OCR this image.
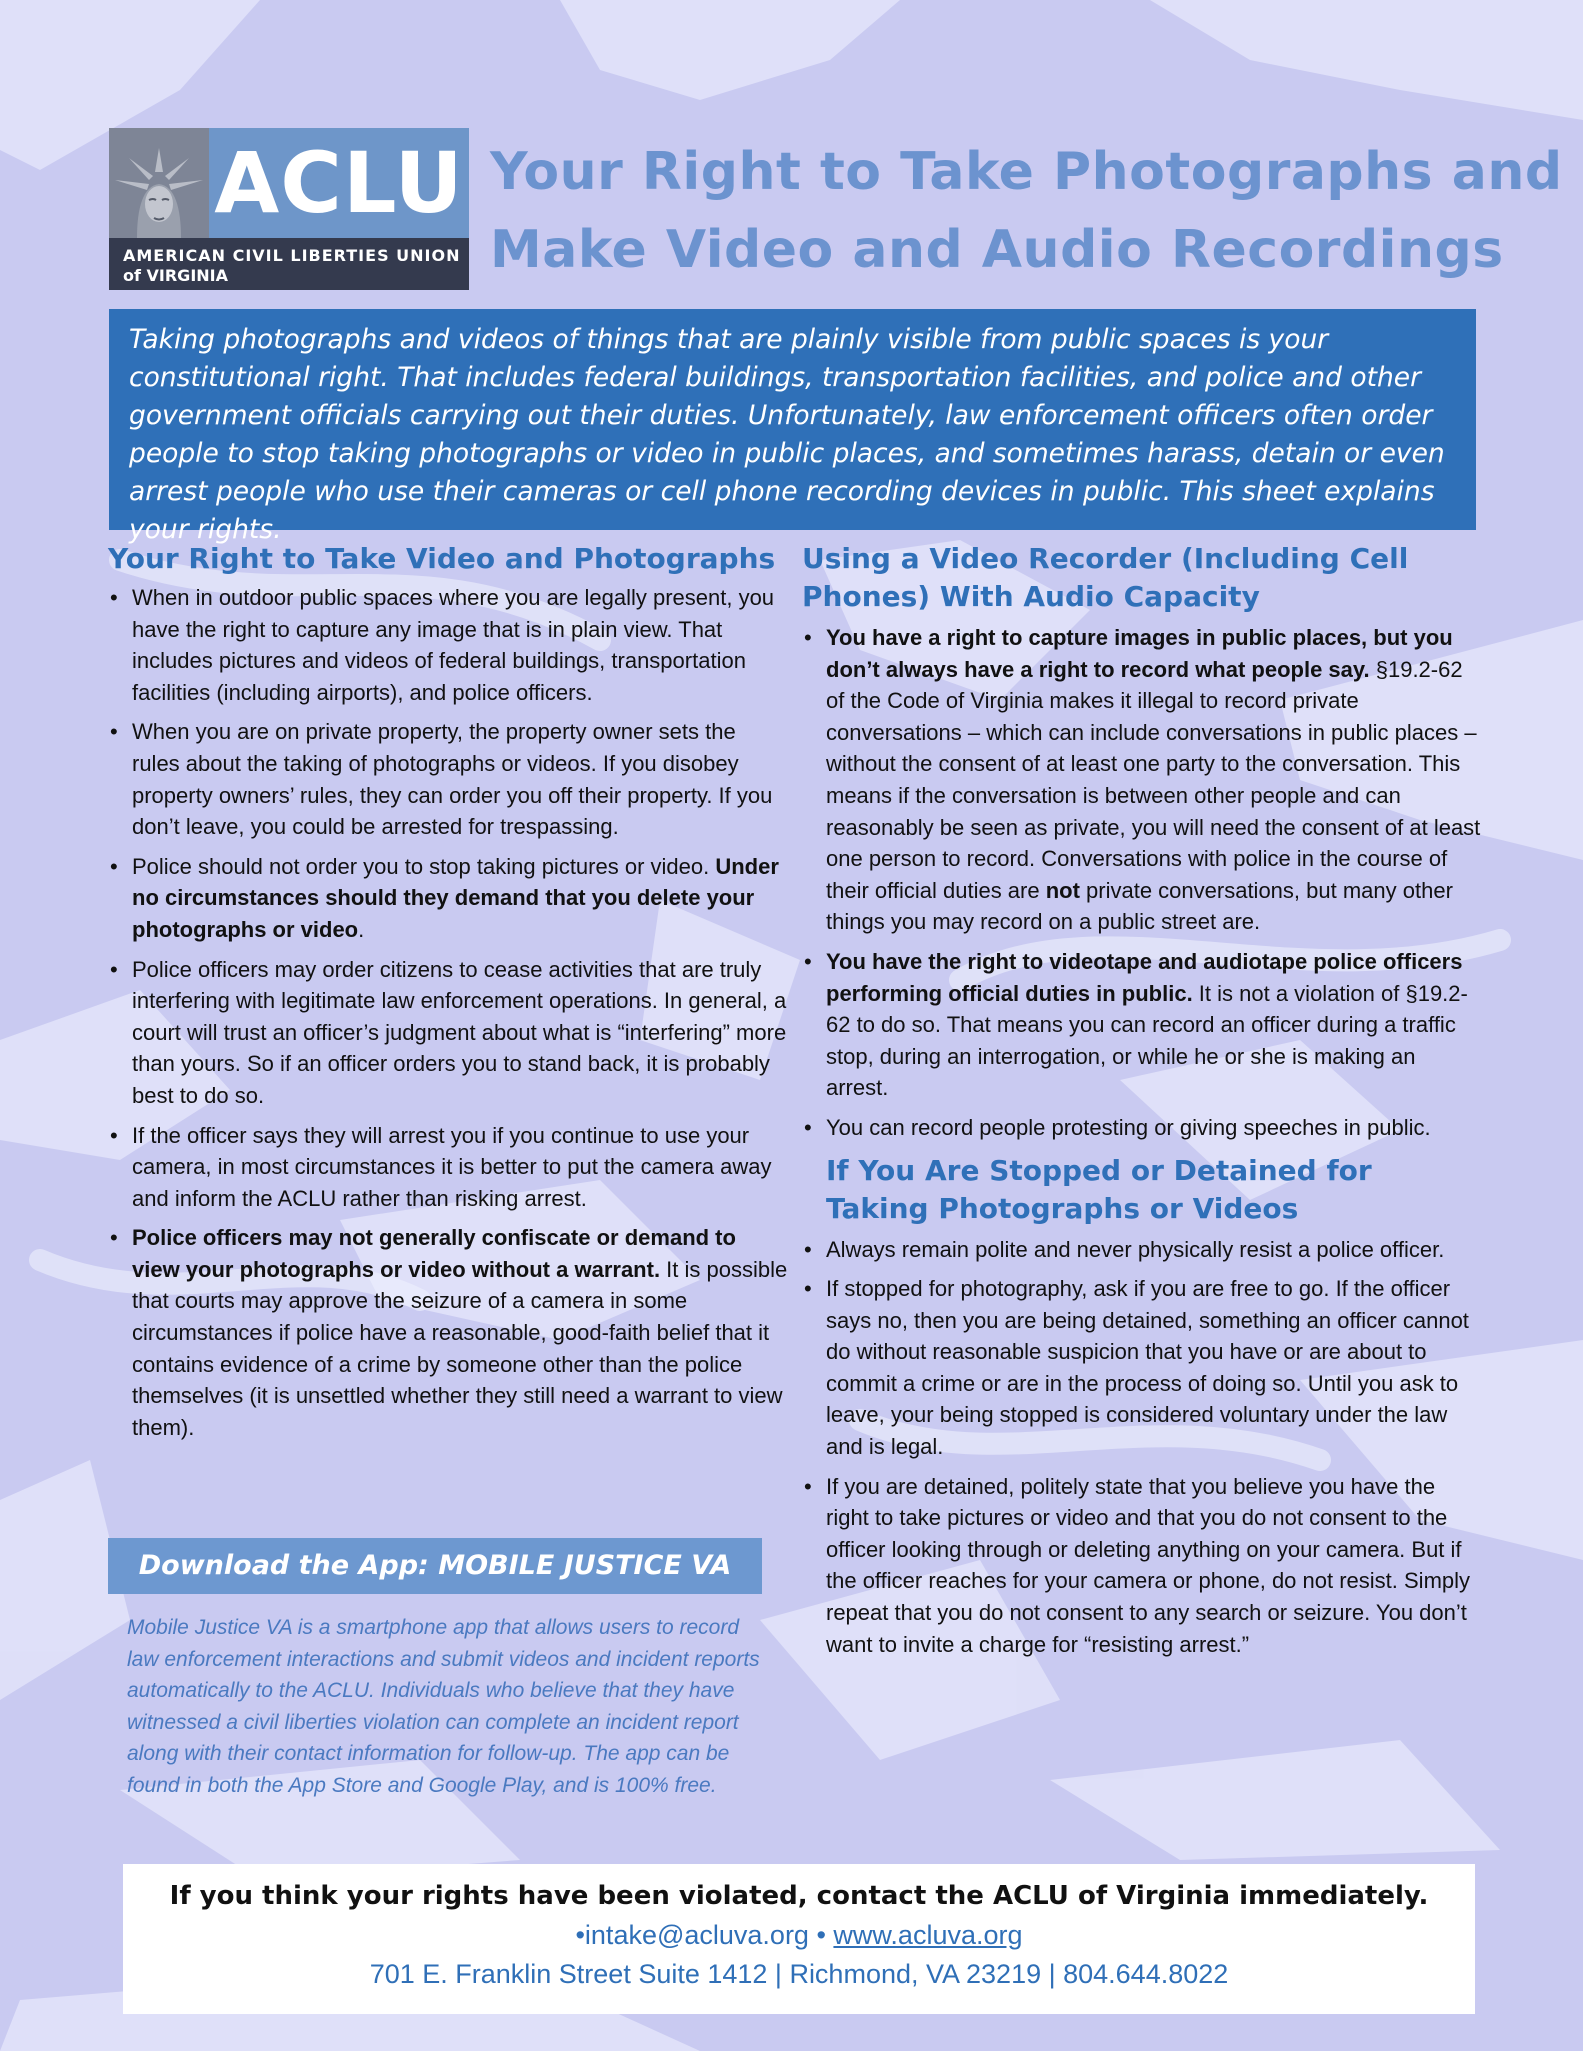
ACLU
AMERICAN CIVIL LIBERTIES UNION
of VIRGINIA
Your Right to Take Photographs and
Make Video and Audio Recordings

Taking photographs and videos of things that are plainly visible from public spaces is your constitutional right. That includes federal buildings, transportation facilities, and police and other government officials carrying out their duties. Unfortunately, law enforcement officers often order people to stop taking photographs or video in public places, and sometimes harass, detain or even arrest people who use their cameras or cell phone recording devices in public. This sheet explains your rights.

Your Right to Take Video and Photographs
• When in outdoor public spaces where you are legally present, you have the right to capture any image that is in plain view. That includes pictures and videos of federal buildings, transportation facilities (including airports), and police officers.
• When you are on private property, the property owner sets the rules about the taking of photographs or videos. If you disobey property owners’ rules, they can order you off their property. If you don’t leave, you could be arrested for trespassing.
• Police should not order you to stop taking pictures or video. Under no circumstances should they demand that you delete your photographs or video.
• Police officers may order citizens to cease activities that are truly interfering with legitimate law enforcement operations. In general, a court will trust an officer’s judgment about what is “interfering” more than yours. So if an officer orders you to stand back, it is probably best to do so.
• If the officer says they will arrest you if you continue to use your camera, in most circumstances it is better to put the camera away and inform the ACLU rather than risking arrest.
• Police officers may not generally confiscate or demand to view your photographs or video without a warrant. It is possible that courts may approve the seizure of a camera in some circumstances if police have a reasonable, good-faith belief that it contains evidence of a crime by someone other than the police themselves (it is unsettled whether they still need a warrant to view them).
Download the App: MOBILE JUSTICE VA
Mobile Justice VA is a smartphone app that allows users to record law enforcement interactions and submit videos and incident reports automatically to the ACLU. Individuals who believe that they have witnessed a civil liberties violation can complete an incident report along with their contact information for follow-up. The app can be found in both the App Store and Google Play, and is 100% free.
Using a Video Recorder (Including Cell Phones) With Audio Capacity
• You have a right to capture images in public places, but you don’t always have a right to record what people say. §19.2-62 of the Code of Virginia makes it illegal to record private conversations – which can include conversations in public places – without the consent of at least one party to the conversation. This means if the conversation is between other people and can reasonably be seen as private, you will need the consent of at least one person to record. Conversations with police in the course of their official duties are not private conversations, but many other things you may record on a public street are.
• You have the right to videotape and audiotape police officers performing official duties in public. It is not a violation of §19.2-62 to do so. That means you can record an officer during a traffic stop, during an interrogation, or while he or she is making an arrest.
• You can record people protesting or giving speeches in public.
If You Are Stopped or Detained for Taking Photographs or Videos
• Always remain polite and never physically resist a police officer.
• If stopped for photography, ask if you are free to go. If the officer says no, then you are being detained, something an officer cannot do without reasonable suspicion that you have or are about to commit a crime or are in the process of doing so. Until you ask to leave, your being stopped is considered voluntary under the law and is legal.
• If you are detained, politely state that you believe you have the right to take pictures or video and that you do not consent to the officer looking through or deleting anything on your camera. But if the officer reaches for your camera or phone, do not resist. Simply repeat that you do not consent to any search or seizure. You don’t want to invite a charge for “resisting arrest.”
If you think your rights have been violated, contact the ACLU of Virginia immediately.
•intake@acluva.org • www.acluva.org
701 E. Franklin Street Suite 1412 | Richmond, VA 23219 | 804.644.8022
